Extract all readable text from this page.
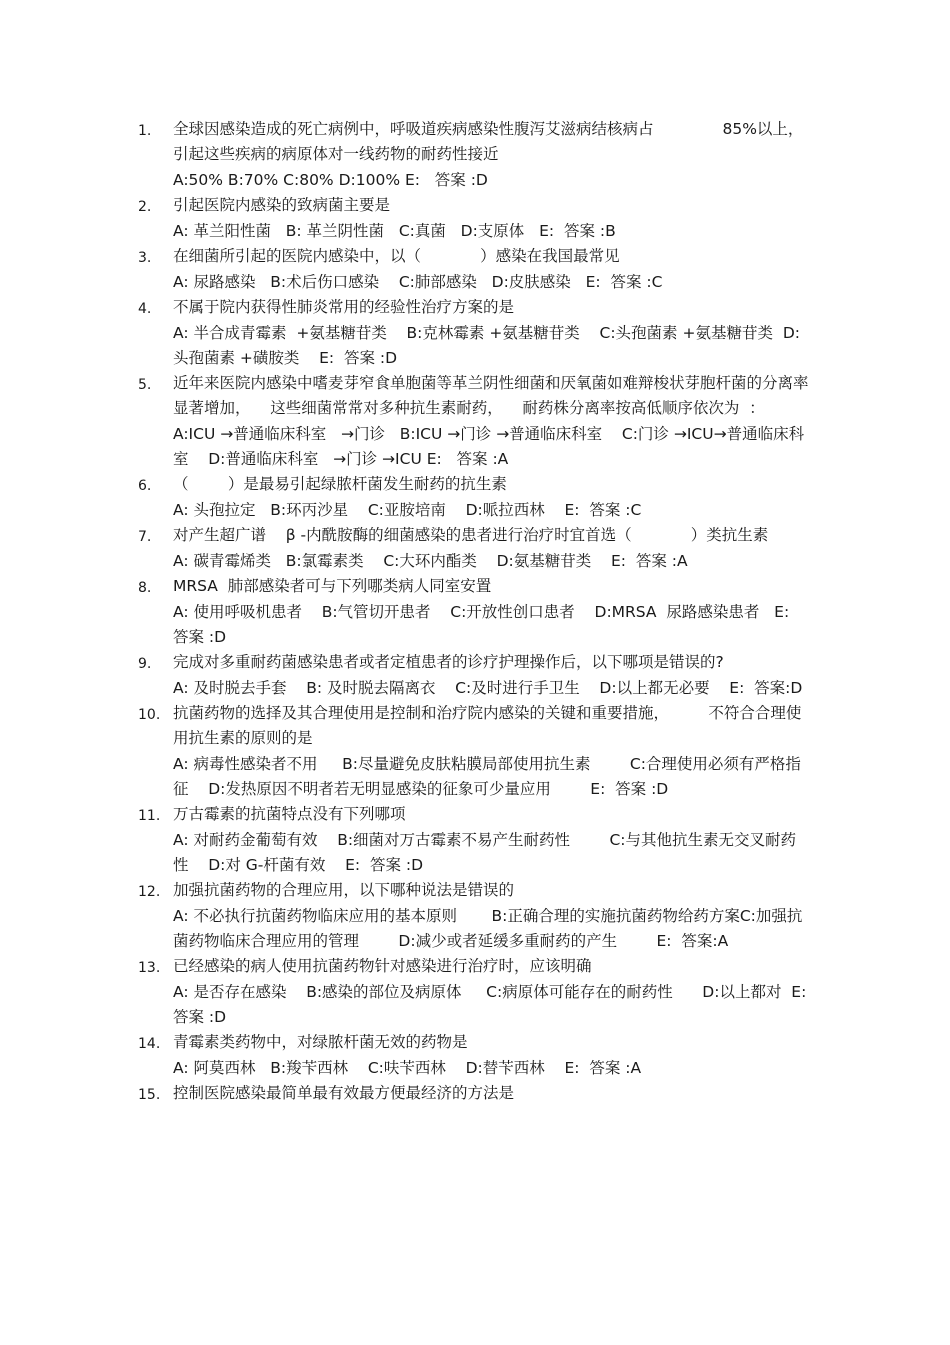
1.	全球因感染造成的死亡病例中，呼吸道疾病感染性腹泻艾滋病结核病占              85%以上，引起这些疾病的病原体对一线药物的耐药性接近
A:50% B:70% C:80% D:100% E:   答案 :D
2.	引起医院内感染的致病菌主要是
A: 革兰阳性菌   B: 革兰阴性菌   C:真菌   D:支原体   E:  答案 :B
3.	在细菌所引起的医院内感染中，以（            ）感染在我国最常见
A: 尿路感染   B:术后伤口感染    C:肺部感染   D:皮肤感染   E:  答案 :C
4.	不属于院内获得性肺炎常用的经验性治疗方案的是
A: 半合成青霉素  +氨基糖苷类    B:克林霉素 +氨基糖苷类    C:头孢菌素 +氨基糖苷类  D:头孢菌素 +磺胺类    E:  答案 :D
5.	近年来医院内感染中嗜麦芽窄食单胞菌等革兰阴性细菌和厌氧菌如难辩梭状芽胞杆菌的分离率显著增加，    这些细菌常常对多种抗生素耐药，    耐药株分离率按高低顺序依次为  ：
A:ICU →普通临床科室   →门诊   B:ICU →门诊 →普通临床科室    C:门诊 →ICU→普通临床科室    D:普通临床科室   →门诊 →ICU E:   答案 :A
6.	（        ）是最易引起绿脓杆菌发生耐药的抗生素
A: 头孢拉定   B:环丙沙星    C:亚胺培南    D:哌拉西林    E:  答案 :C
7.	对产生超广谱    β -内酰胺酶的细菌感染的患者进行治疗时宜首选（            ）类抗生素
A: 碳青霉烯类   B:氯霉素类    C:大环内酯类    D:氨基糖苷类    E:  答案 :A
8.	MRSA  肺部感染者可与下列哪类病人同室安置
A: 使用呼吸机患者    B:气管切开患者    C:开放性创口患者    D:MRSA  尿路感染患者   E:  答案 :D
9.	完成对多重耐药菌感染患者或者定植患者的诊疗护理操作后，以下哪项是错误的?
A: 及时脱去手套    B: 及时脱去隔离衣    C:及时进行手卫生    D:以上都无必要    E:  答案:D
10. 抗菌药物的选择及其合理使用是控制和治疗院内感染的关键和重要措施，        不符合合理使用抗生素的原则的是
A: 病毒性感染者不用     B:尽量避免皮肤粘膜局部使用抗生素        C:合理使用必须有严格指征    D:发热原因不明者若无明显感染的征象可少量应用        E:  答案 :D
11. 万古霉素的抗菌特点没有下列哪项
A: 对耐药金葡萄有效    B:细菌对万古霉素不易产生耐药性        C:与其他抗生素无交叉耐药性    D:对 G-杆菌有效    E:  答案 :D
12. 加强抗菌药物的合理应用，以下哪种说法是错误的
A: 不必执行抗菌药物临床应用的基本原则       B:正确合理的实施抗菌药物给药方案C:加强抗菌药物临床合理应用的管理        D:减少或者延缓多重耐药的产生        E:  答案:A
13. 已经感染的病人使用抗菌药物针对感染进行治疗时，应该明确
A: 是否存在感染    B:感染的部位及病原体     C:病原体可能存在的耐药性      D:以上都对  E:  答案 :D
14. 青霉素类药物中，对绿脓杆菌无效的药物是
A: 阿莫西林   B:羧苄西林    C:呋苄西林    D:替苄西林    E:  答案 :A
15. 控制医院感染最简单最有效最方便最经济的方法是
